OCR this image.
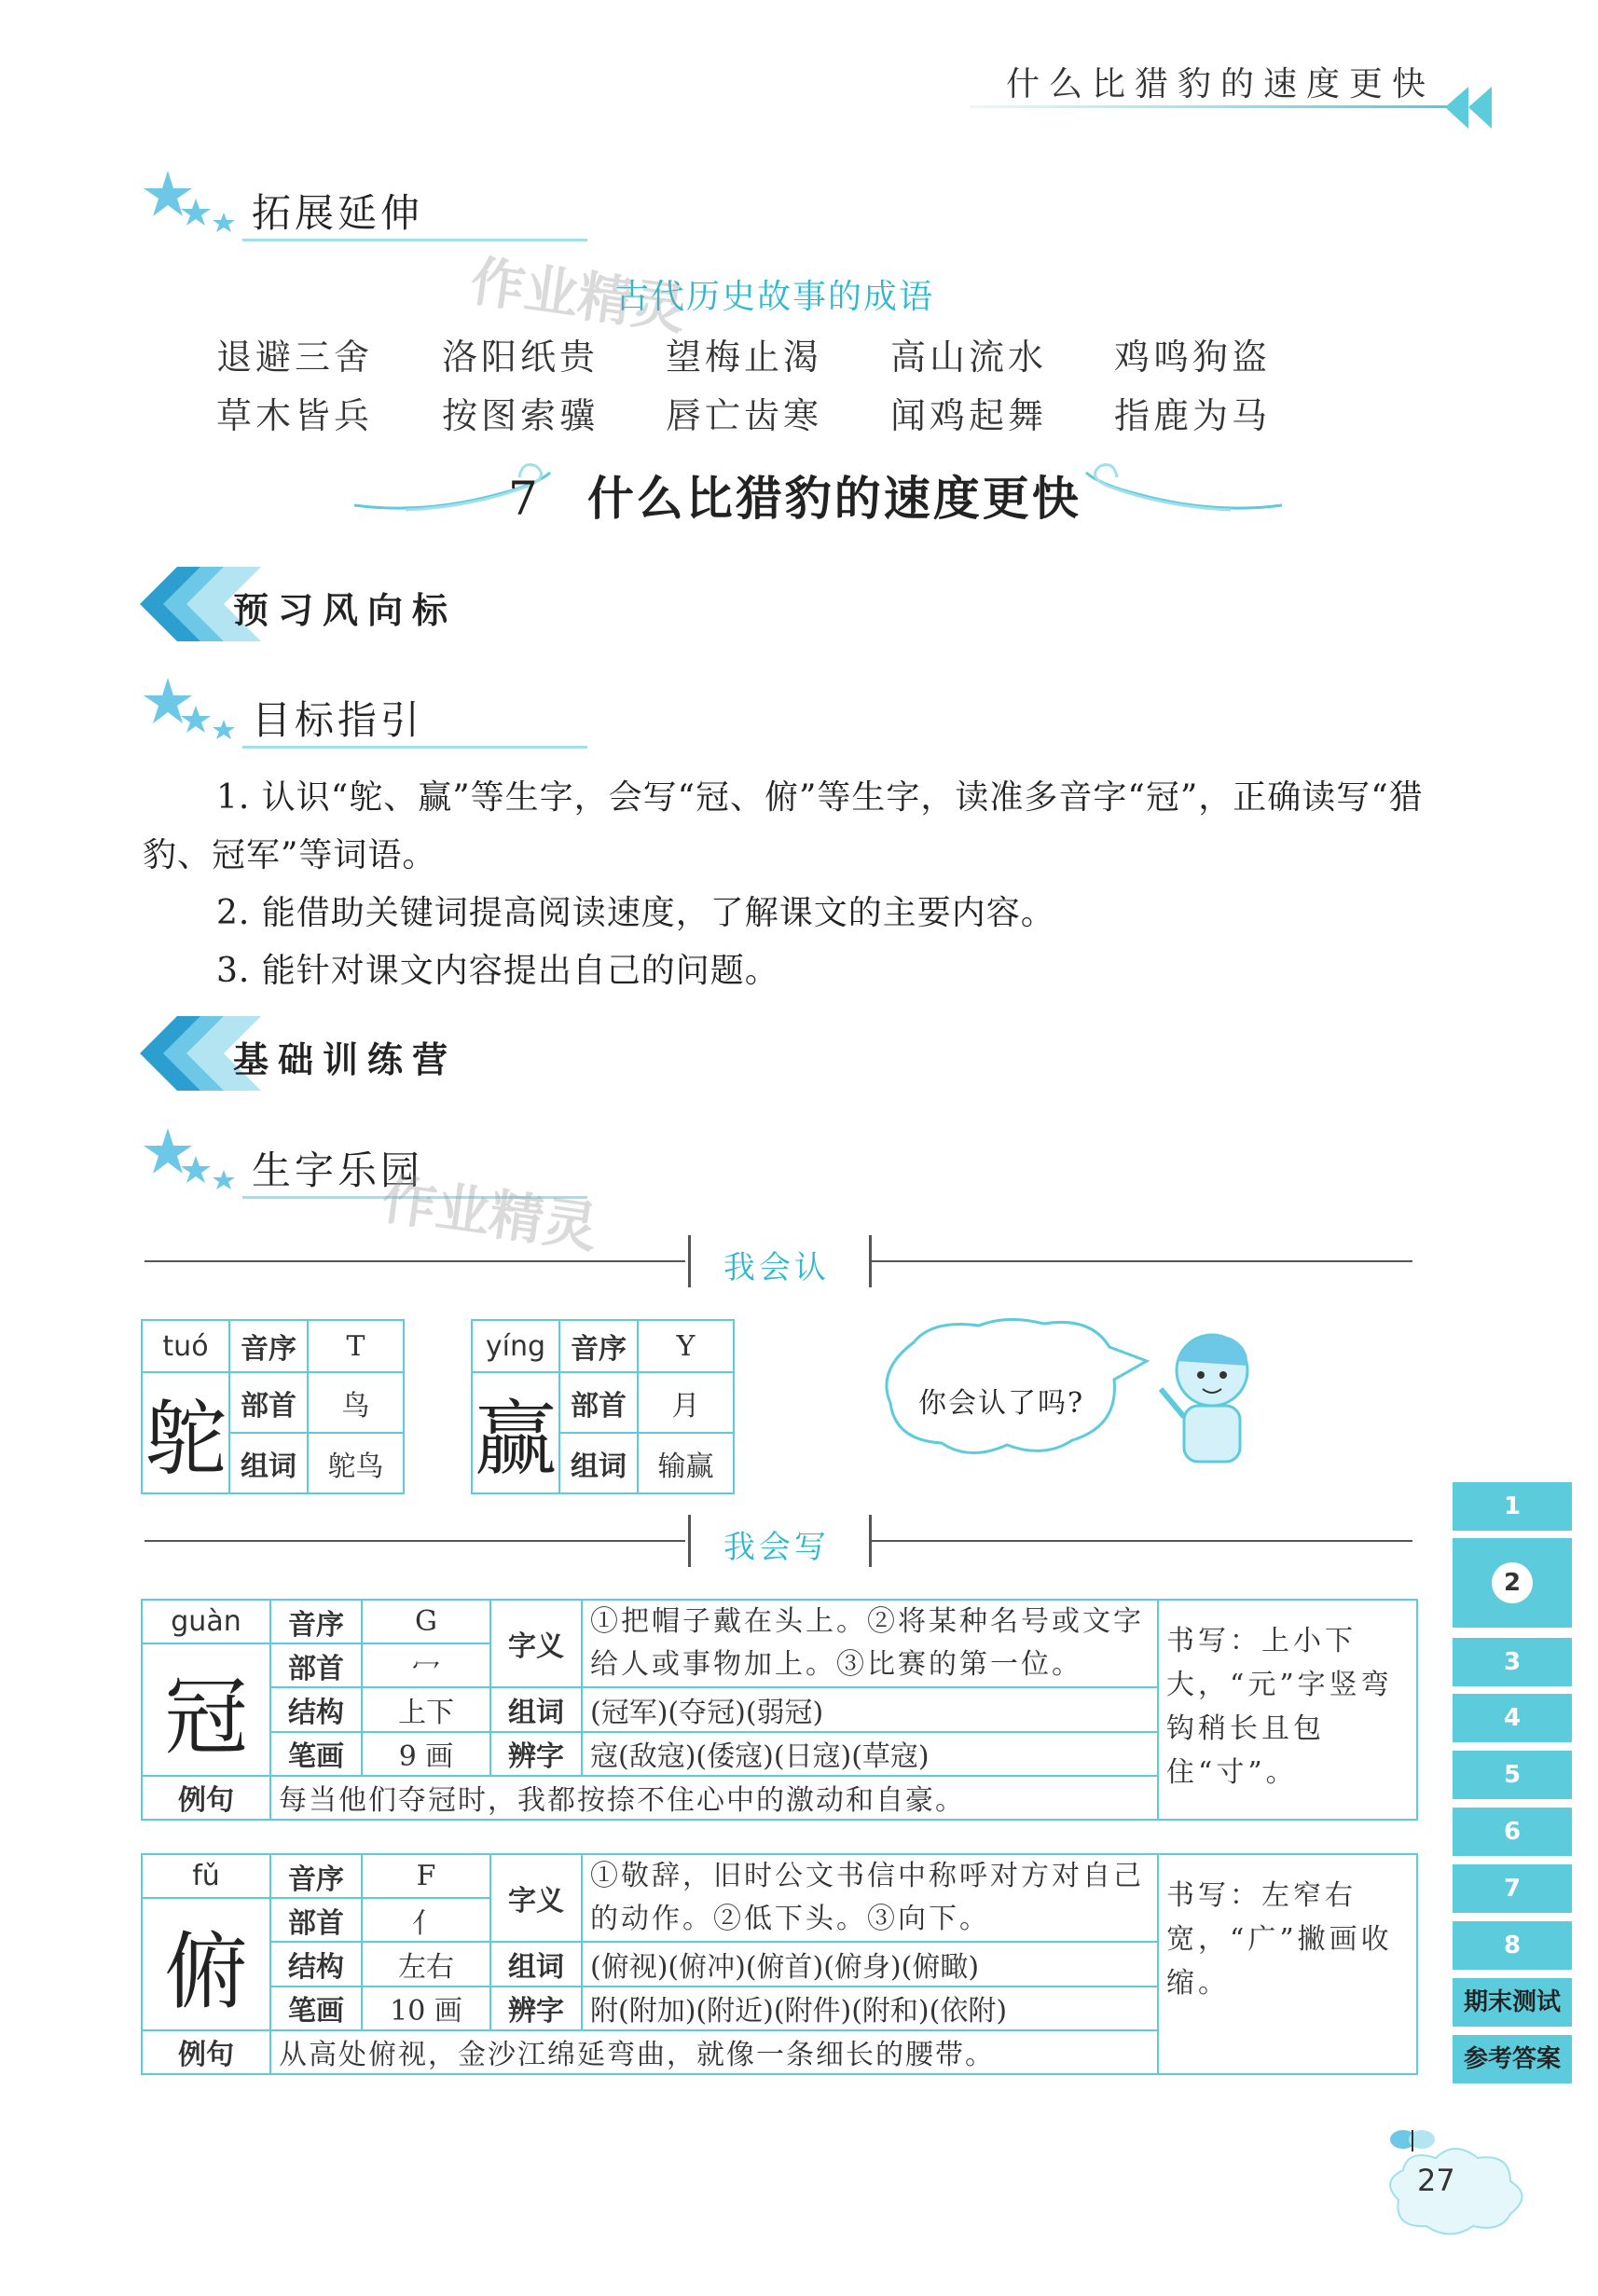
什么比猎豹的速度更快
拓展延伸
古代历史故事的成语
退避三舍 洛阳纸贵 望梅止渴 高山流水 鸡鸣狗盗
草木皆兵 按图索骥 唇亡齿寒 闻鸡起舞 指鹿为马
作业精灵
7 什么比猎豹的速度更快
预习风向标
目标指引
1. 认识“鸵、赢”等生字，会写“冠、俯”等生字，读准多音字“冠”，正确读写“猎
豹、冠军”等词语。
2. 能借助关键词提高阅读速度，了解课文的主要内容。
3. 能针对课文内容提出自己的问题。
基础训练营
生字乐园
作业精灵
我会认
tuó	音序	T
鸵	部首	鸟
	组词	鸵鸟
yíng	音序	Y
赢	部首	月
	组词	输赢
你会认了吗?
我会写
guàn	音序	G	字义	①把帽子戴在头上。②将某种名号或文字给人或事物加上。③比赛的第一位。	书写：上小下大，“元”字竖弯钩稍长且包住“寸”。
冠	部首	冖			
	结构	上下	组词	(冠军)(夺冠)(弱冠)	
	笔画	9 画	辨字	寇(敌寇)(倭寇)(日寇)(草寇)	
例句	每当他们夺冠时，我都按捺不住心中的激动和自豪。				
fǔ	音序	F	字义	①敬辞，旧时公文书信中称呼对方对自己的动作。②低下头。③向下。	书写：左窄右宽，“广”撇画收缩。
俯	部首	亻			
	结构	左右	组词	(俯视)(俯冲)(俯首)(俯身)(俯瞰)	
	笔画	10 画	辨字	附(附加)(附近)(附件)(附和)(依附)	
例句	从高处俯视，金沙江绵延弯曲，就像一条细长的腰带。				
1
2
3
4
5
6
7
8
期末测试
参考答案
27
